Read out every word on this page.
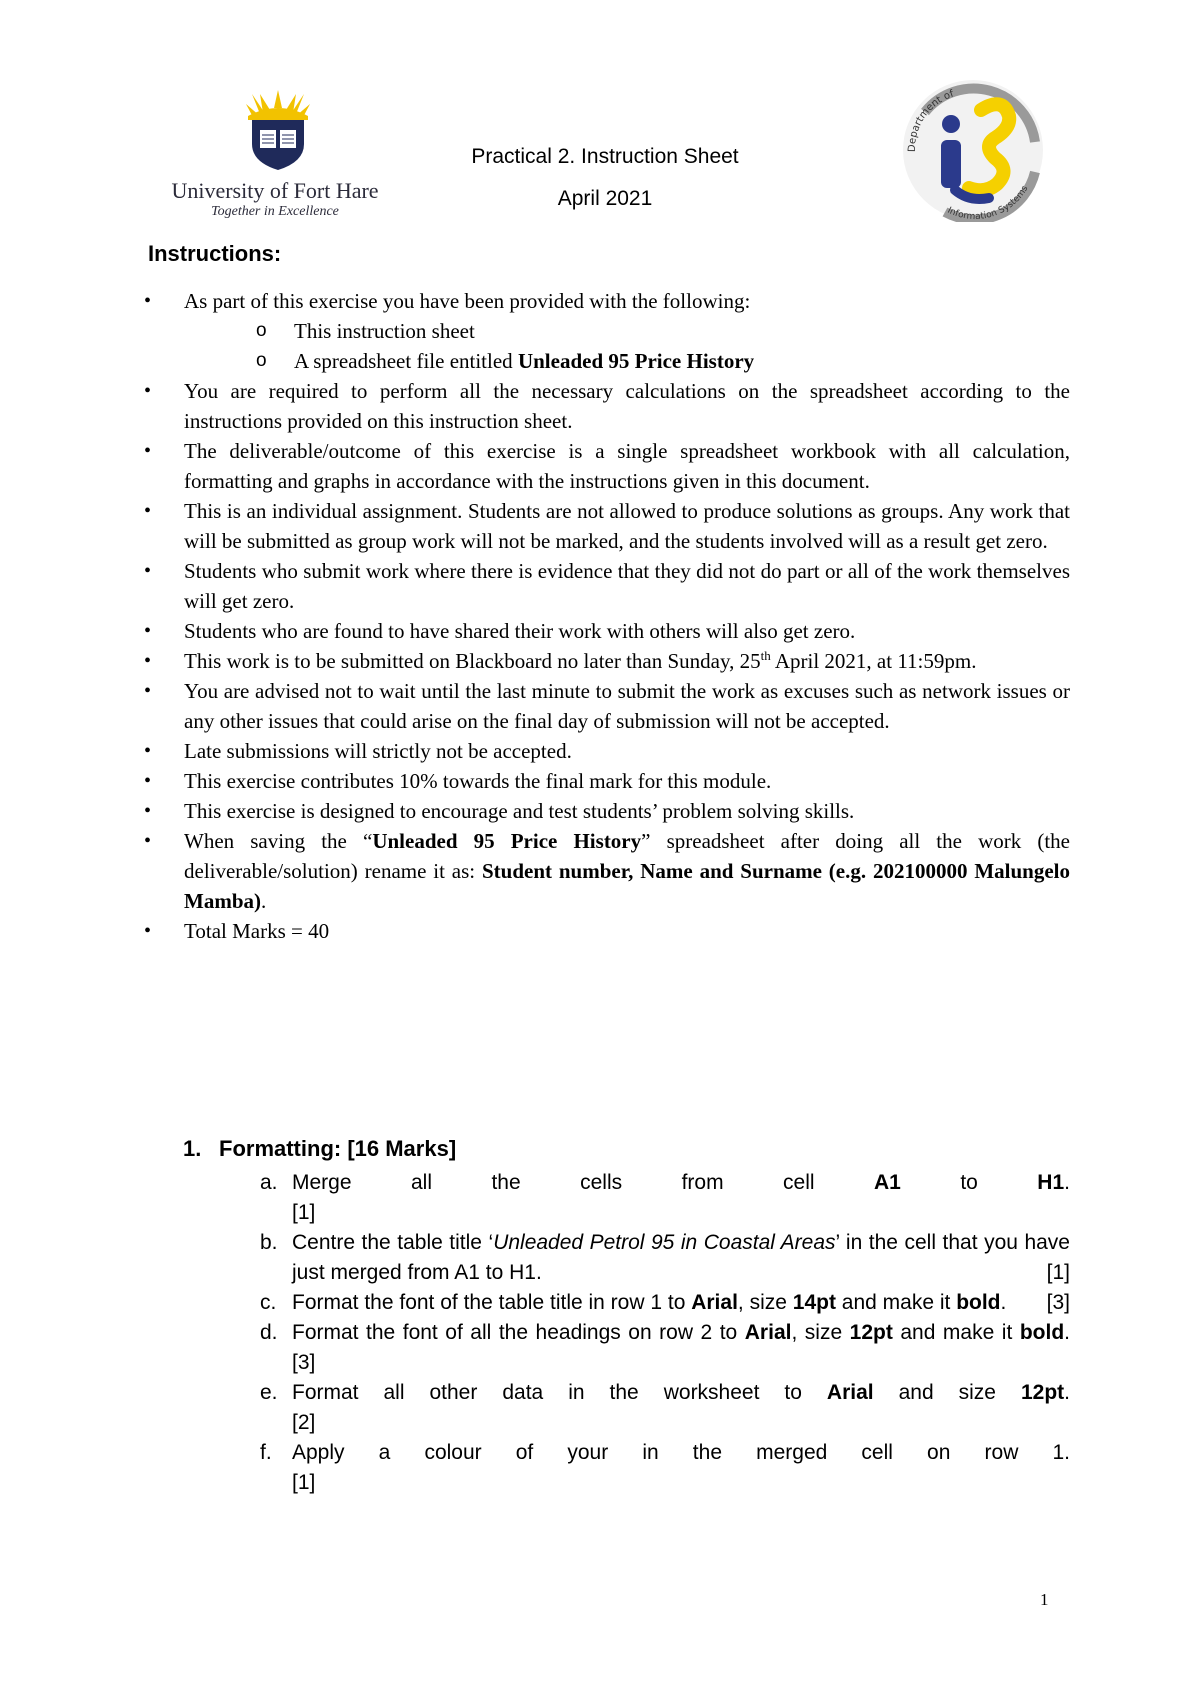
University of Fort Hare
Together in Excellence
Practical 2. Instruction Sheet
April 2021
Department of
Information Systems
Instructions:
• As part of this exercise you have been provided with the following:
o This instruction sheet
o A spreadsheet file entitled Unleaded 95 Price History
• You are required to perform all the necessary calculations on the spreadsheet according to the instructions provided on this instruction sheet.
• The deliverable/outcome of this exercise is a single spreadsheet workbook with all calculation, formatting and graphs in accordance with the instructions given in this document.
• This is an individual assignment. Students are not allowed to produce solutions as groups. Any work that will be submitted as group work will not be marked, and the students involved will as a result get zero.
• Students who submit work where there is evidence that they did not do part or all of the work themselves will get zero.
• Students who are found to have shared their work with others will also get zero.
• This work is to be submitted on Blackboard no later than Sunday, 25th April 2021, at 11:59pm.
• You are advised not to wait until the last minute to submit the work as excuses such as network issues or any other issues that could arise on the final day of submission will not be accepted.
• Late submissions will strictly not be accepted.
• This exercise contributes 10% towards the final mark for this module.
• This exercise is designed to encourage and test students’ problem solving skills.
• When saving the “Unleaded 95 Price History” spreadsheet after doing all the work (the deliverable/solution) rename it as: Student number, Name and Surname (e.g. 202100000 Malungelo Mamba).
• Total Marks = 40
1. Formatting: [16 Marks]
a. Merge all the cells from cell A1 to H1.
[1]
b. Centre the table title ‘Unleaded Petrol 95 in Coastal Areas’ in the cell that you have just merged from A1 to H1.	[1]
c. Format the font of the table title in row 1 to Arial, size 14pt and make it bold. [3]
d. Format the font of all the headings on row 2 to Arial, size 12pt and make it bold.
[3]
e. Format all other data in the worksheet to Arial and size 12pt.
[2]
f. Apply a colour of your in the merged cell on row 1.
[1]
1
